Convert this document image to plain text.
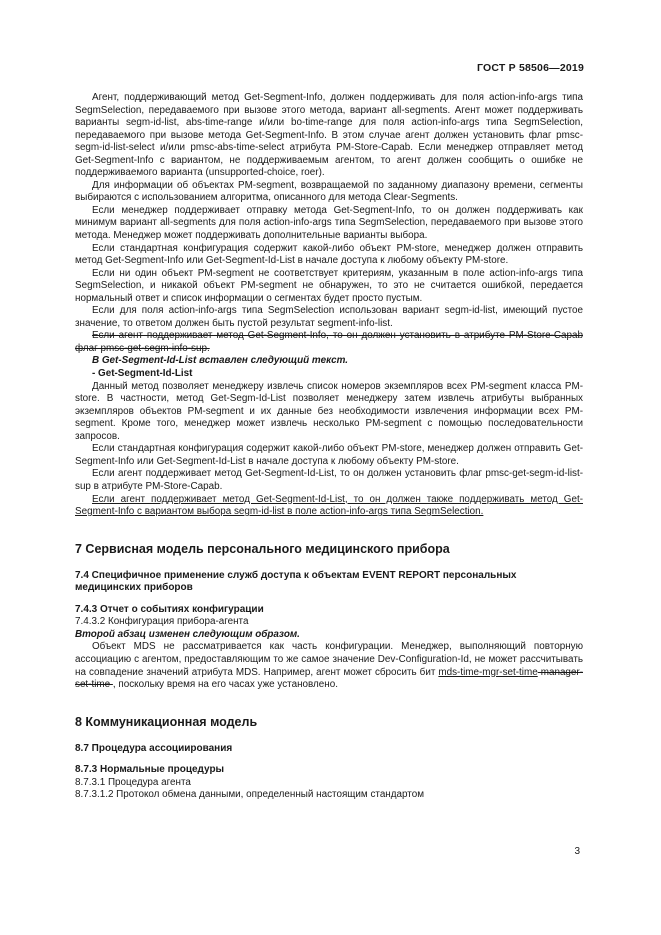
ГОСТ Р 58506—2019

Агент, поддерживающий метод Get-Segment-Info, должен поддерживать для поля action-info-args типа SegmSelection, передаваемого при вызове этого метода, вариант all-segments. Агент может поддерживать варианты segm-id-list, abs-time-range и/или bo-time-range для поля action-info-args типа SegmSelection, передаваемого при вызове метода Get-Segment-Info. В этом случае агент должен установить флаг pmsc-segm-id-list-select и/или pmsc-abs-time-select атрибута PM-Store-Capab. Если менеджер отправляет метод Get-Segment-Info с вариантом, не поддерживаемым агентом, то агент должен сообщить о ошибке не поддерживаемого варианта (unsupported-choice, roer).

Для информации об объектах PM-segment, возвращаемой по заданному диапазону времени, сегменты выбираются с использованием алгоритма, описанного для метода Clear-Segments.

Если менеджер поддерживает отправку метода Get-Segment-Info, то он должен поддерживать как минимум вариант all-segments для поля action-info-args типа SegmSelection, передаваемого при вызове этого метода. Менеджер может поддерживать дополнительные варианты выбора.

Если стандартная конфигурация содержит какой-либо объект PM-store, менеджер должен отправить метод Get-Segment-Info или Get-Segment-Id-List в начале доступа к любому объекту PM-store.

Если ни один объект PM-segment не соответствует критериям, указанным в поле action-info-args типа SegmSelection, и никакой объект PM-segment не обнаружен, то это не считается ошибкой, передается нормальный ответ и список информации о сегментах будет просто пустым.

Если для поля action-info-args типа SegmSelection использован вариант segm-id-list, имеющий пустое значение, то ответом должен быть пустой результат segment-info-list.

Если агент поддерживает метод Get-Segment-Info, то он должен установить в атрибуте PM-Store-Capab флаг pmsc-get-segm-info-sup.

В Get-Segment-Id-List вставлен следующий текст.

- Get-Segment-Id-List

Данный метод позволяет менеджеру извлечь список номеров экземпляров всех PM-segment класса PM-store. В частности, метод Get-Segm-Id-List позволяет менеджеру затем извлечь атрибуты выбранных экземпляров объектов PM-segment и их данные без необходимости извлечения информации всех PM-segment. Кроме того, менеджер может извлечь несколько PM-segment с помощью последовательности запросов.

Если стандартная конфигурация содержит какой-либо объект PM-store, менеджер должен отправить Get-Segment-Info или Get-Segment-Id-List в начале доступа к любому объекту PM-store.

Если агент поддерживает метод Get-Segment-Id-List, то он должен установить флаг pmsc-get-segm-id-list-sup в атрибуте PM-Store-Capab.

Если агент поддерживает метод Get-Segment-Id-List, то он должен также поддерживать метод Get-Segment-Info с вариантом выбора segm-id-list в поле action-info-args типа SegmSelection.

7 Сервисная модель персонального медицинского прибора
7.4 Специфичное применение служб доступа к объектам EVENT REPORT персональных медицинских приборов
7.4.3 Отчет о событиях конфигурации
7.4.3.2 Конфигурация прибора-агента

Второй абзац изменен следующим образом.

Объект MDS не рассматривается как часть конфигурации. Менеджер, выполняющий повторную ассоциацию с агентом, предоставляющим то же самое значение Dev-Configuration-Id, не может рассчитывать на совпадение значений атрибута MDS. Например, агент может сбросить бит mds-time-mgr-set-time manager-set-time , поскольку время на его часах уже установлено.

8 Коммуникационная модель
8.7 Процедура ассоциирования
8.7.3 Нормальные процедуры
8.7.3.1 Процедура агента
8.7.3.1.2 Протокол обмена данными, определенный настоящим стандартом
3
